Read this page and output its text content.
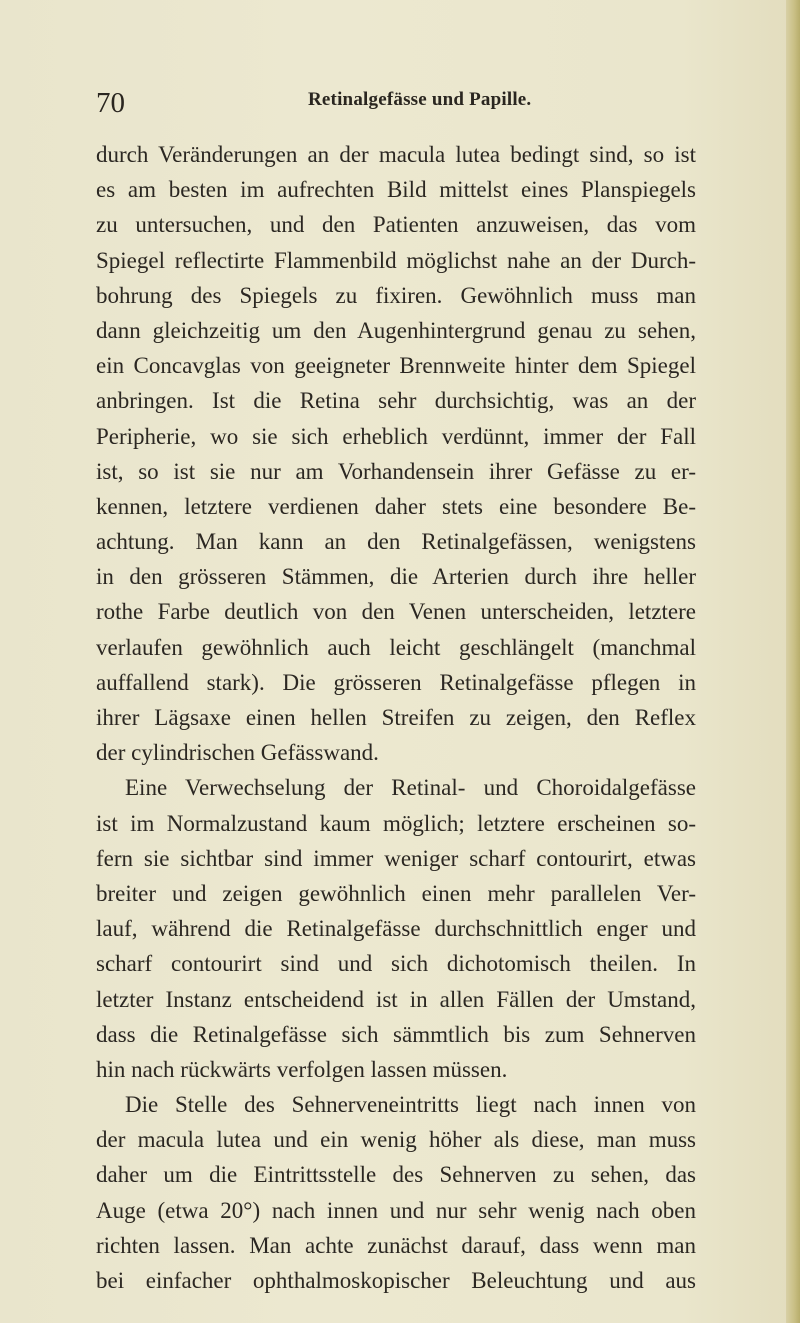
70	Retinalgefässe und Papille.
durch Veränderungen an der macula lutea bedingt sind, so ist
es am besten im aufrechten Bild mittelst eines Planspiegels
zu untersuchen, und den Patienten anzuweisen, das vom
Spiegel reflectirte Flammenbild möglichst nahe an der Durch-
bohrung des Spiegels zu fixiren. Gewöhnlich muss man
dann gleichzeitig um den Augenhintergrund genau zu sehen,
ein Concavglas von geeigneter Brennweite hinter dem Spiegel
anbringen. Ist die Retina sehr durchsichtig, was an der
Peripherie, wo sie sich erheblich verdünnt, immer der Fall
ist, so ist sie nur am Vorhandensein ihrer Gefässe zu er-
kennen, letztere verdienen daher stets eine besondere Be-
achtung. Man kann an den Retinalgefässen, wenigstens
in den grösseren Stämmen, die Arterien durch ihre heller
rothe Farbe deutlich von den Venen unterscheiden, letztere
verlaufen gewöhnlich auch leicht geschlängelt (manchmal
auffallend stark). Die grösseren Retinalgefässe pflegen in
ihrer Lägsaxe einen hellen Streifen zu zeigen, den Reflex
der cylindrischen Gefässwand.
Eine Verwechselung der Retinal- und Choroidalgefässe
ist im Normalzustand kaum möglich; letztere erscheinen so-
fern sie sichtbar sind immer weniger scharf contourirt, etwas
breiter und zeigen gewöhnlich einen mehr parallelen Ver-
lauf, während die Retinalgefässe durchschnittlich enger und
scharf contourirt sind und sich dichotomisch theilen. In
letzter Instanz entscheidend ist in allen Fällen der Umstand,
dass die Retinalgefässe sich sämmtlich bis zum Sehnerven
hin nach rückwärts verfolgen lassen müssen.
Die Stelle des Sehnerveneintritts liegt nach innen von
der macula lutea und ein wenig höher als diese, man muss
daher um die Eintrittsstelle des Sehnerven zu sehen, das
Auge (etwa 20°) nach innen und nur sehr wenig nach oben
richten lassen. Man achte zunächst darauf, dass wenn man
bei einfacher ophthalmoskopischer Beleuchtung und aus
